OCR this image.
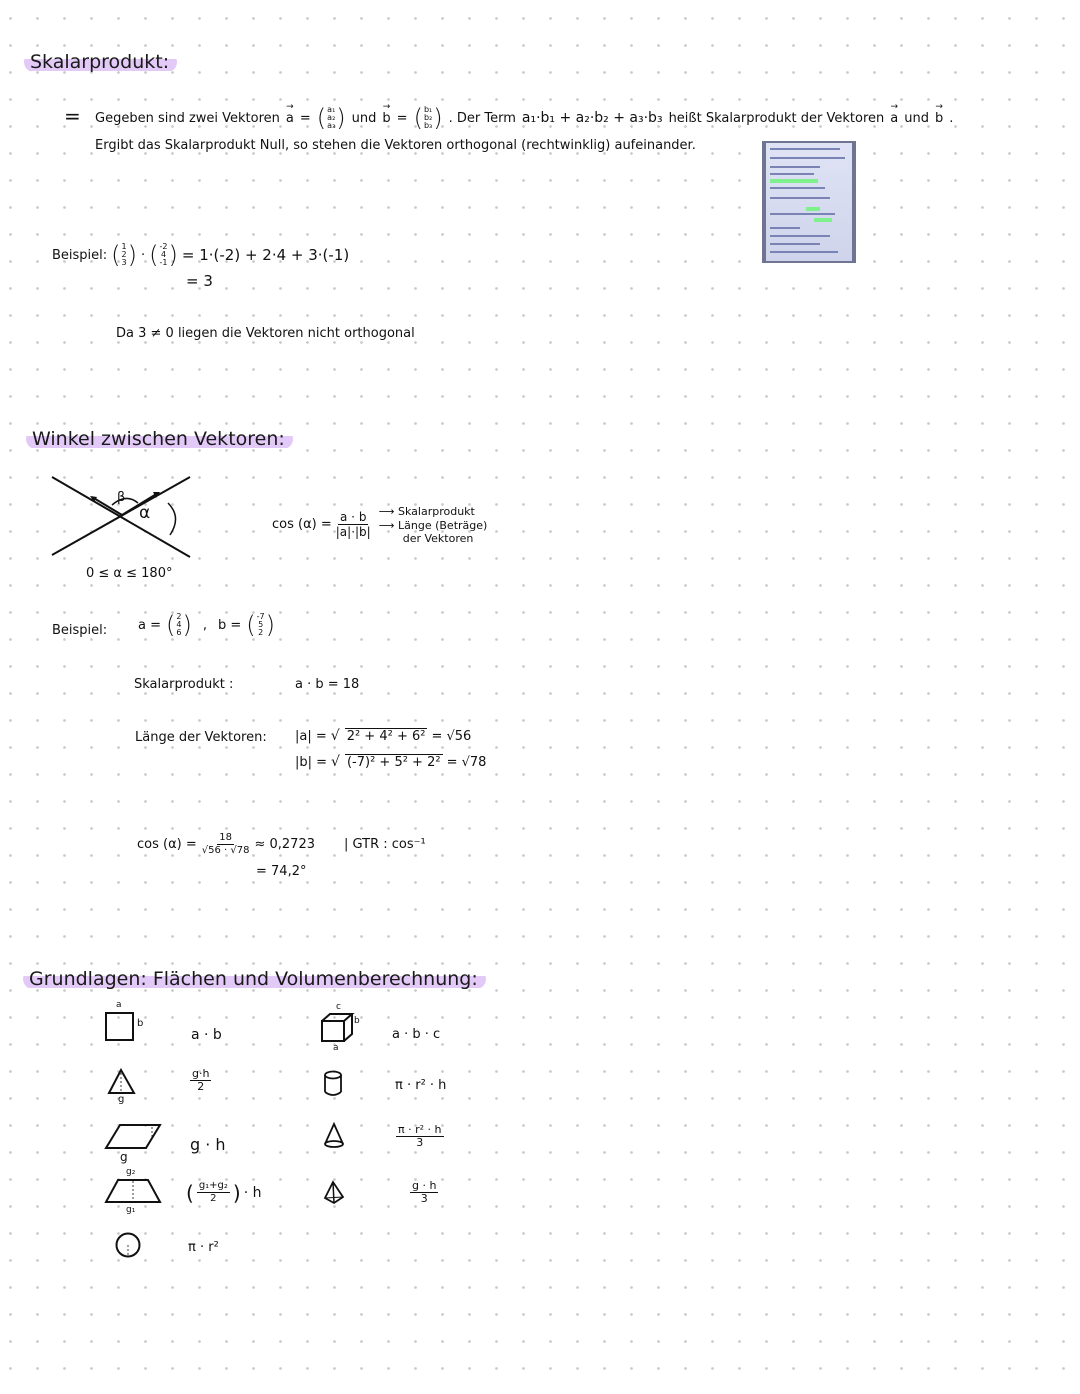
Skalarprodukt:
= Gegeben sind zwei Vektoren → a = ( a₁
a₂
a₃ ) und → b = ( b₁
b₂
b₃ ) . Der Term a₁·b₁ + a₂·b₂ + a₃·b₃ heißt Skalarprodukt der Vektoren → a und → b .
Ergibt das Skalarprodukt Null, so stehen die Vektoren orthogonal (rechtwinklig) aufeinander.
Beispiel: ( 1
2
3 ) · ( -2
4
-1 ) = 1·(-2) + 2·4 + 3·(-1)
= 3
Da 3 ≠ 0 liegen die Vektoren nicht orthogonal
Winkel zwischen Vektoren:
β
α
0 ≤ α ≤ 180°
$\cos (\alpha) = \frac{a \cdot b}{|a|\cdot|b|}$ ⟶ Skalarprodukt
⟶ Länge (Beträge)
der Vektoren
Beispiel: a = ( 2
4
6 ) , b = ( -7
5
2 )
Skalarprodukt :	a · b = 18
Länge der Vektoren: |a| = √ 2² + 4² + 6² = √56
|b| = √ (-7)² + 5² + 2² = √78
$\cos (\alpha) = \frac{18}{√56 \cdot √78} \approx 0,2723$ | GTR : cos⁻¹
= 74,2°
Grundlagen: Flächen und Volumenberechnung:
a
b
a · b
g
$\frac{g\cdot h}{2}$
g
g · h
g₂
g₁
( $\frac{\text{g₁+g₂}}{2}$ ) · h
π · r²
c
b
a
a · b · c
π · r² · h
$\frac{\text{π · r² · h}}{3}$
$\frac{g \cdot h}{3}$
